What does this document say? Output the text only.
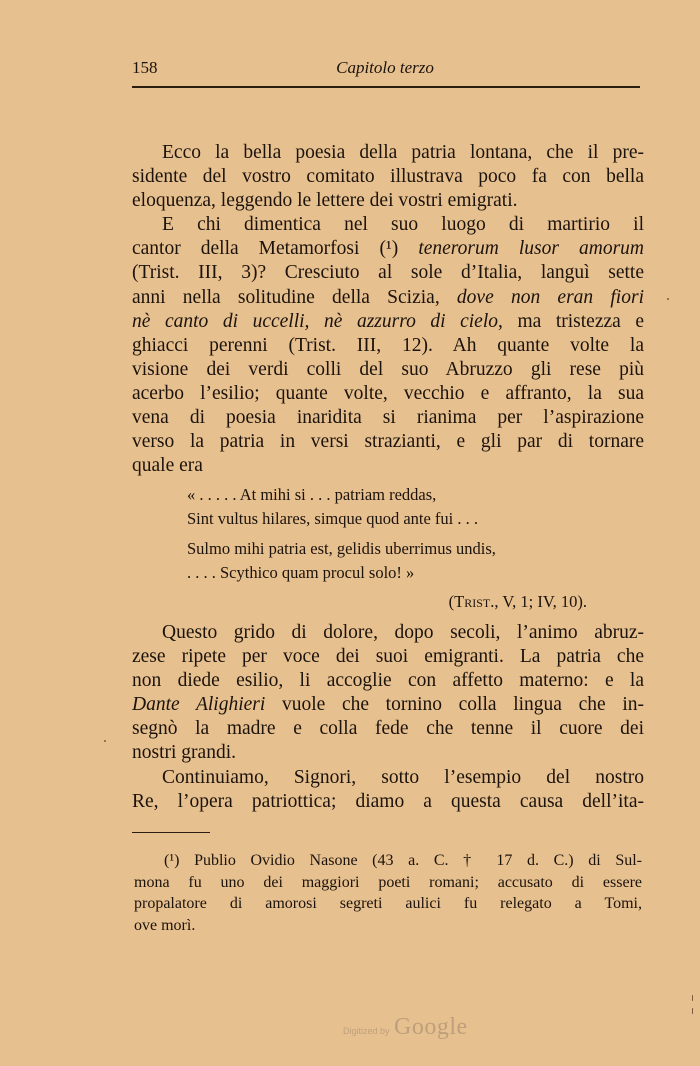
158	Capitolo terzo
Ecco la bella poesia della patria lontana, che il pre-
sidente del vostro comitato illustrava poco fa con bella
eloquenza, leggendo le lettere dei vostri emigrati.
E chi dimentica nel suo luogo di martirio il
cantor della Metamorfosi (¹) tenerorum lusor amorum
(Trist. III, 3)? Cresciuto al sole d’Italia, languì sette
anni nella solitudine della Scizia, dove non eran fiori
nè canto di uccelli, nè azzurro di cielo, ma tristezza e
ghiacci perenni (Trist. III, 12). Ah quante volte la
visione dei verdi colli del suo Abruzzo gli rese più
acerbo l’esilio; quante volte, vecchio e affranto, la sua
vena di poesia inaridita si rianima per l’aspirazione
verso la patria in versi strazianti, e gli par di tornare
quale era
« . . . . . At mihi si . . . patriam reddas,
Sint vultus hilares, simque quod ante fui . . .
Sulmo mihi patria est, gelidis uberrimus undis,
. . . . Scythico quam procul solo! »
(Trist., V, 1; IV, 10).
Questo grido di dolore, dopo secoli, l’animo abruz-
zese ripete per voce dei suoi emigranti. La patria che
non diede esilio, li accoglie con affetto materno: e la
Dante Alighieri vuole che tornino colla lingua che in-
segnò la madre e colla fede che tenne il cuore dei
nostri grandi.
Continuiamo, Signori, sotto l’esempio del nostro
Re, l’opera patriottica; diamo a questa causa dell’ita-
(¹) Publio Ovidio Nasone (43 a. C. † 17 d. C.) di Sul-
mona fu uno dei maggiori poeti romani; accusato di essere
propalatore di amorosi segreti aulici fu relegato a Tomi,
ove morì.
Digitized by Google
